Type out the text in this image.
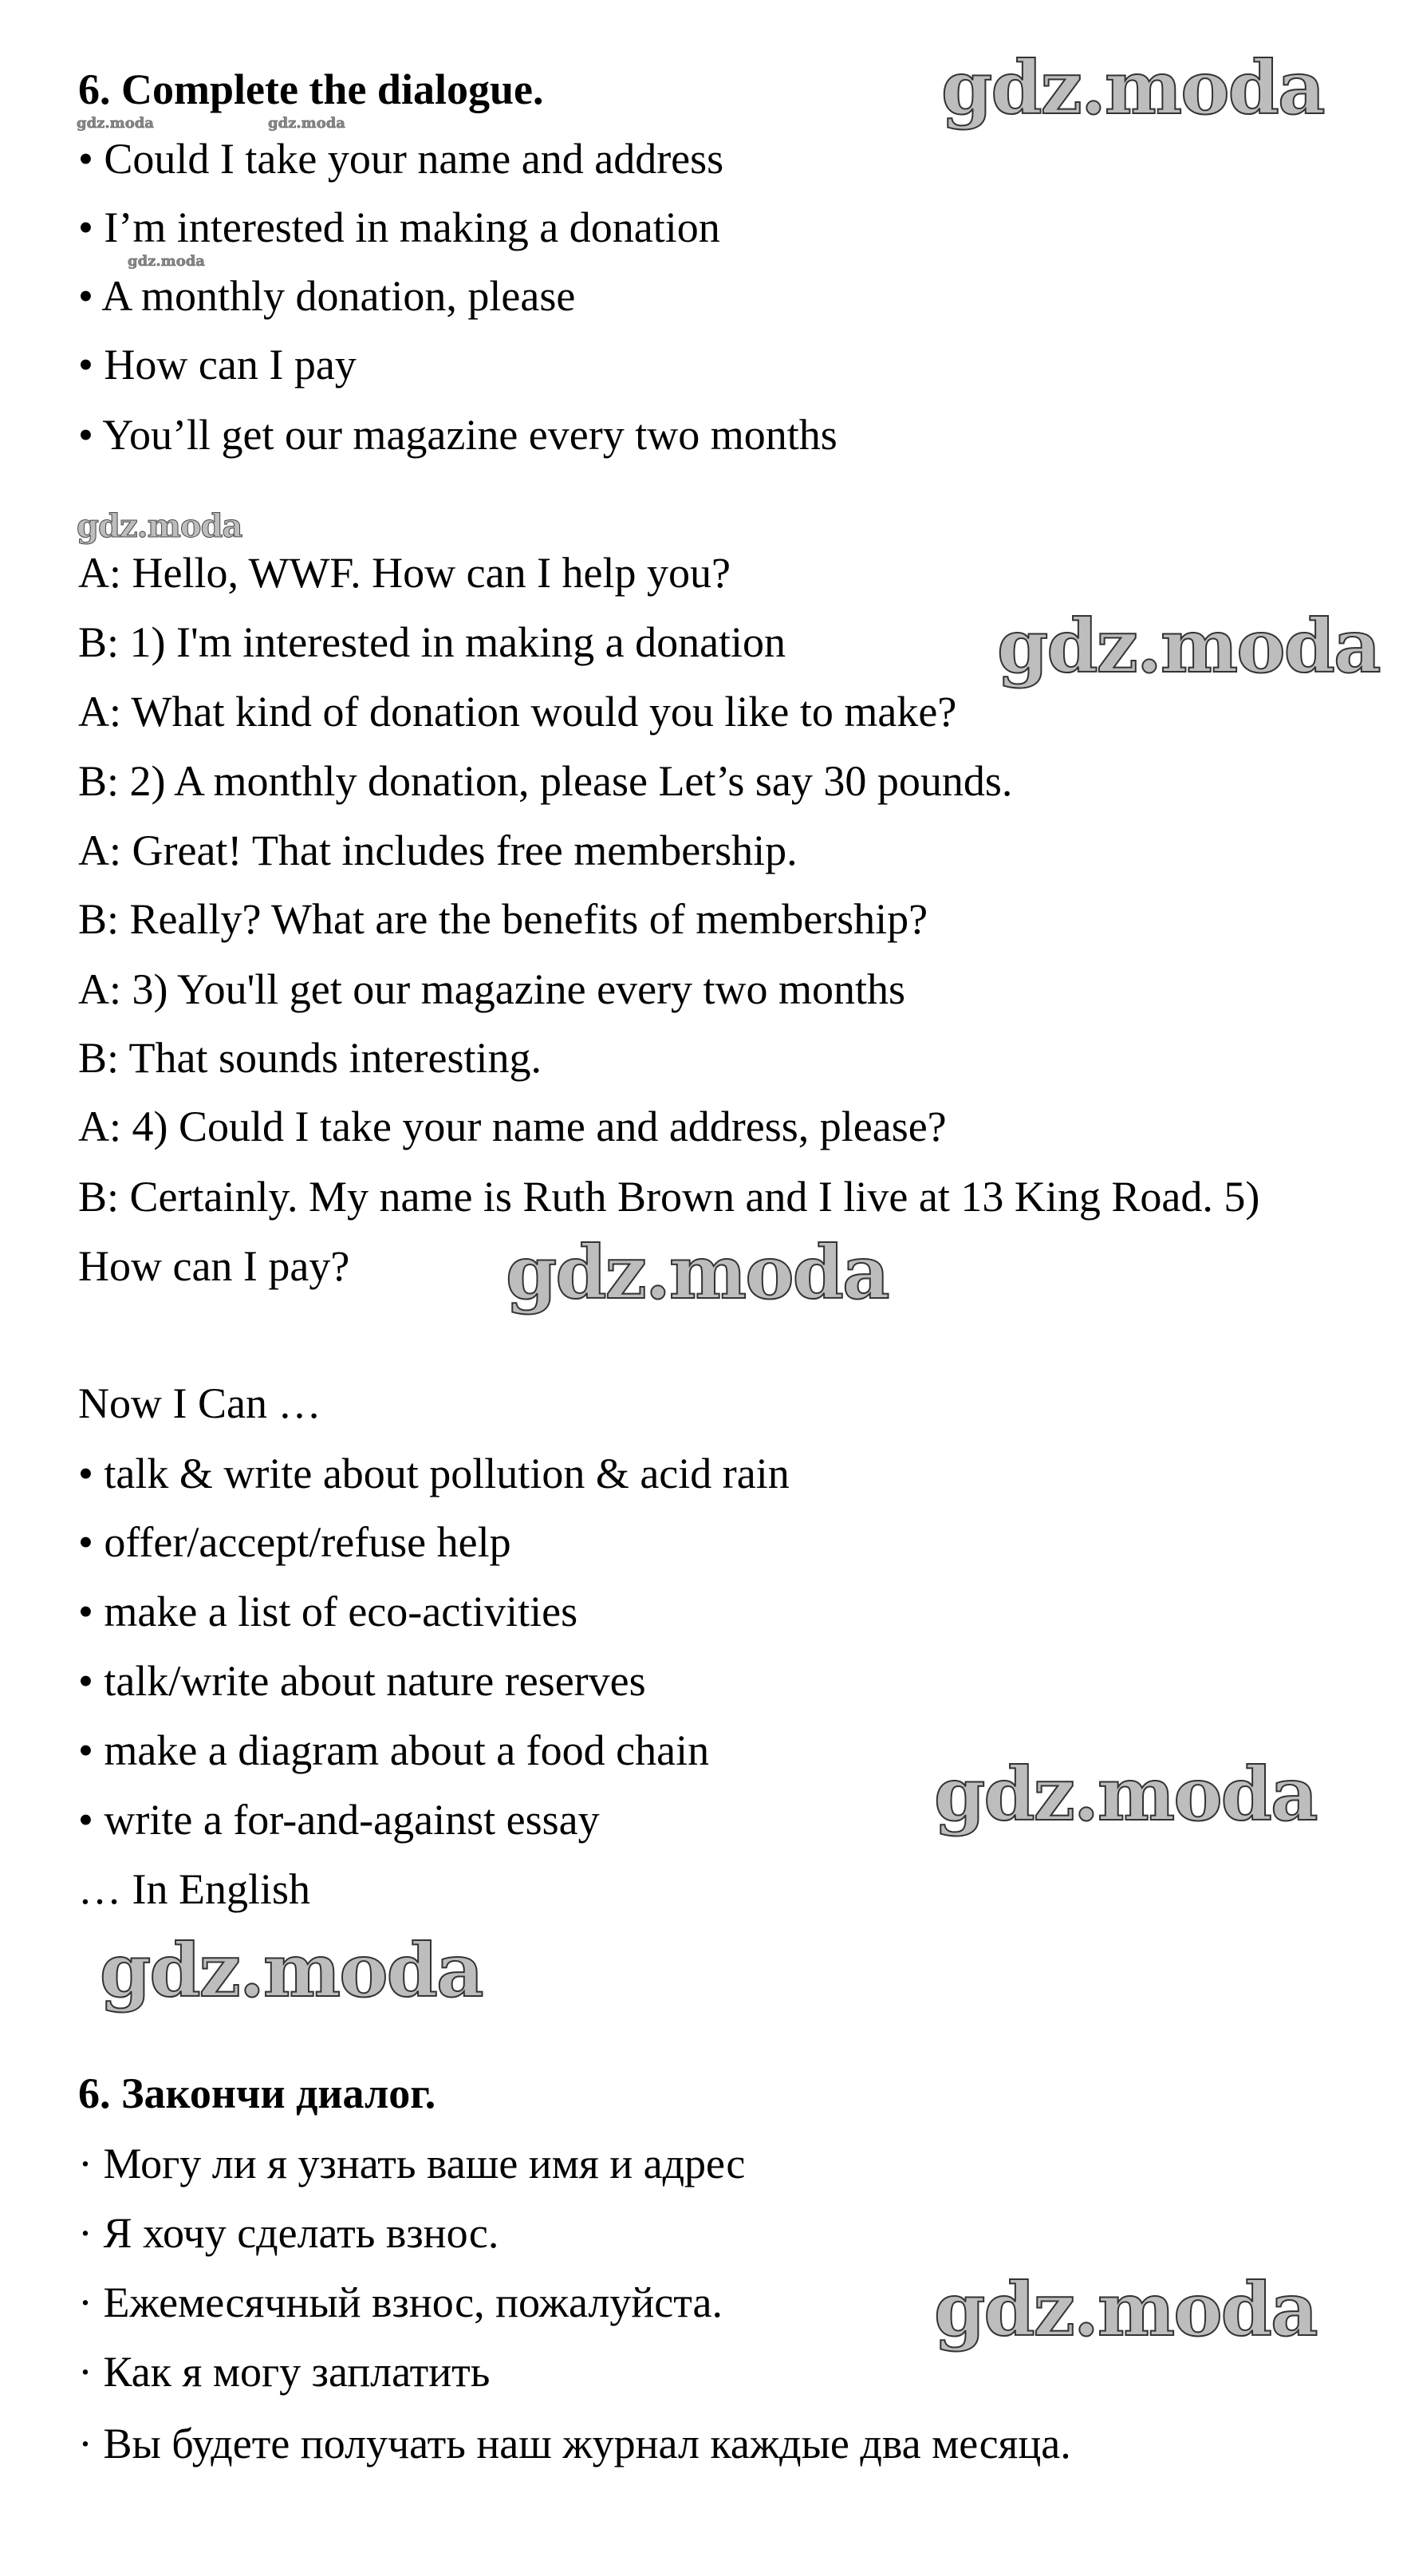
6. Complete the dialogue.
• Could I take your name and address
• I’m interested in making a donation
• A monthly donation, please
• How can I pay
• You’ll get our magazine every two months
A: Hello, WWF. How can I help you?
B: 1) I'm interested in making a donation
A: What kind of donation would you like to make?
B: 2) A monthly donation, please Let’s say 30 pounds.
A: Great! That includes free membership.
B: Really? What are the benefits of membership?
A: 3) You'll get our magazine every two months
B: That sounds interesting.
A: 4) Could I take your name and address, please?
B: Certainly. My name is Ruth Brown and I live at 13 King Road. 5)
How can I pay?
Now I Can …
• talk & write about pollution & acid rain
• offer/accept/refuse help
• make a list of eco-activities
• talk/write about nature reserves
• make a diagram about a food chain
• write a for-and-against essay
… In English
6. Закончи диалог.
· Могу ли я узнать ваше имя и адрес
· Я хочу сделать взнос.
· Ежемесячный взнос, пожалуйста.
· Как я могу заплатить
· Вы будете получать наш журнал каждые два месяца.
gdz.moda
gdz.moda
gdz.moda
gdz.moda
gdz.moda
gdz.moda
gdz.moda
gdz.moda	gdz.moda
gdz.moda
